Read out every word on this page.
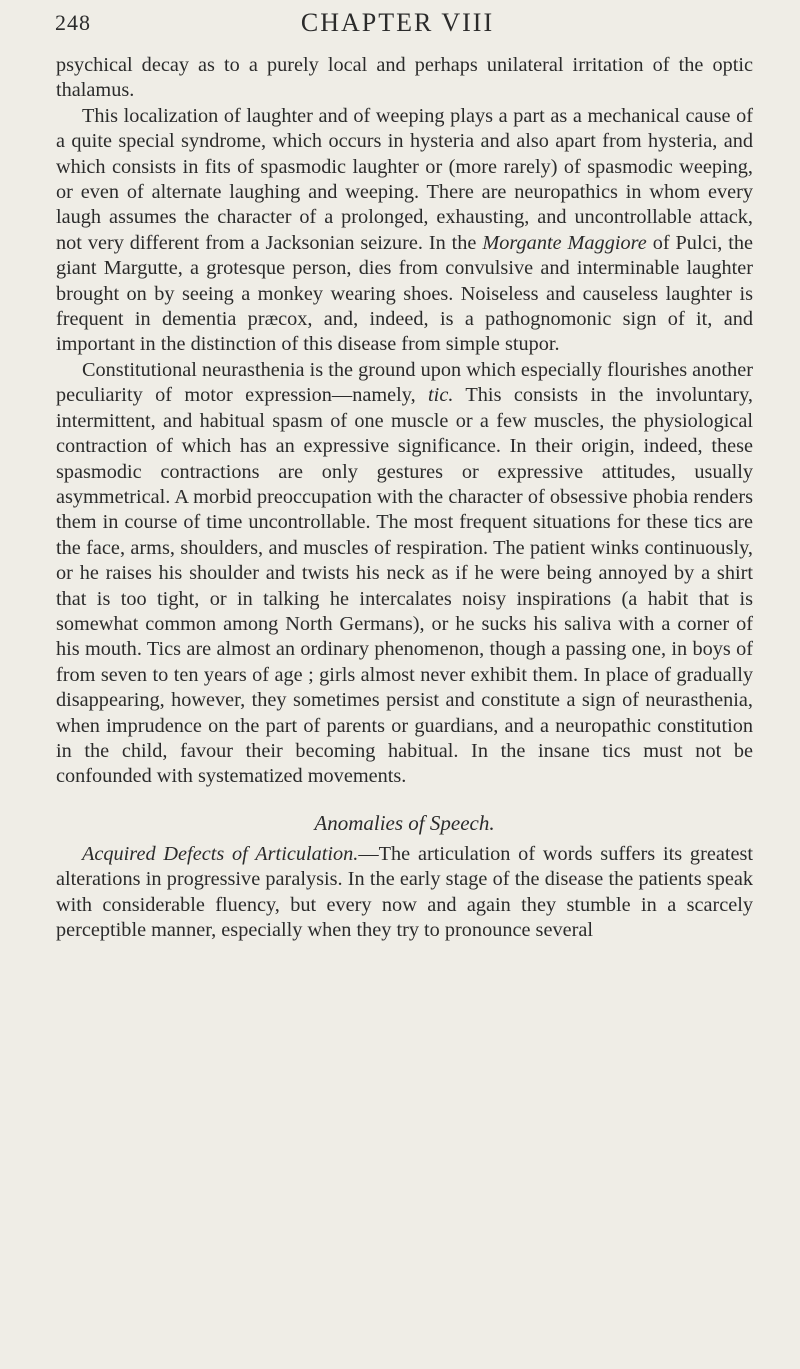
248	CHAPTER VIII

psychical decay as to a purely local and perhaps unilateral irritation of the optic thalamus.

This localization of laughter and of weeping plays a part as a mechanical cause of a quite special syndrome, which occurs in hysteria and also apart from hysteria, and which consists in fits of spasmodic laughter or (more rarely) of spasmodic weeping, or even of alternate laughing and weeping. There are neuropathics in whom every laugh assumes the character of a prolonged, exhausting, and uncontrollable attack, not very different from a Jacksonian seizure. In the Morgante Maggiore of Pulci, the giant Margutte, a grotesque person, dies from convulsive and interminable laughter brought on by seeing a monkey wearing shoes. Noiseless and causeless laughter is frequent in dementia præcox, and, indeed, is a pathognomonic sign of it, and important in the distinction of this disease from simple stupor.

Constitutional neurasthenia is the ground upon which especially flourishes another peculiarity of motor expression—namely, tic. This consists in the involuntary, intermittent, and habitual spasm of one muscle or a few muscles, the physiological contraction of which has an expressive significance. In their origin, indeed, these spasmodic contractions are only gestures or expressive attitudes, usually asymmetrical. A morbid preoccupation with the character of obsessive phobia renders them in course of time uncontrollable. The most frequent situations for these tics are the face, arms, shoulders, and muscles of respiration. The patient winks continuously, or he raises his shoulder and twists his neck as if he were being annoyed by a shirt that is too tight, or in talking he intercalates noisy inspirations (a habit that is somewhat common among North Germans), or he sucks his saliva with a corner of his mouth. Tics are almost an ordinary phenomenon, though a passing one, in boys of from seven to ten years of age ; girls almost never exhibit them. In place of gradually disappearing, however, they sometimes persist and constitute a sign of neurasthenia, when imprudence on the part of parents or guardians, and a neuropathic constitution in the child, favour their becoming habitual. In the insane tics must not be confounded with systematized movements.

Anomalies of Speech.

Acquired Defects of Articulation.—The articulation of words suffers its greatest alterations in progressive paralysis. In the early stage of the disease the patients speak with considerable fluency, but every now and again they stumble in a scarcely perceptible manner, especially when they try to pronounce several
